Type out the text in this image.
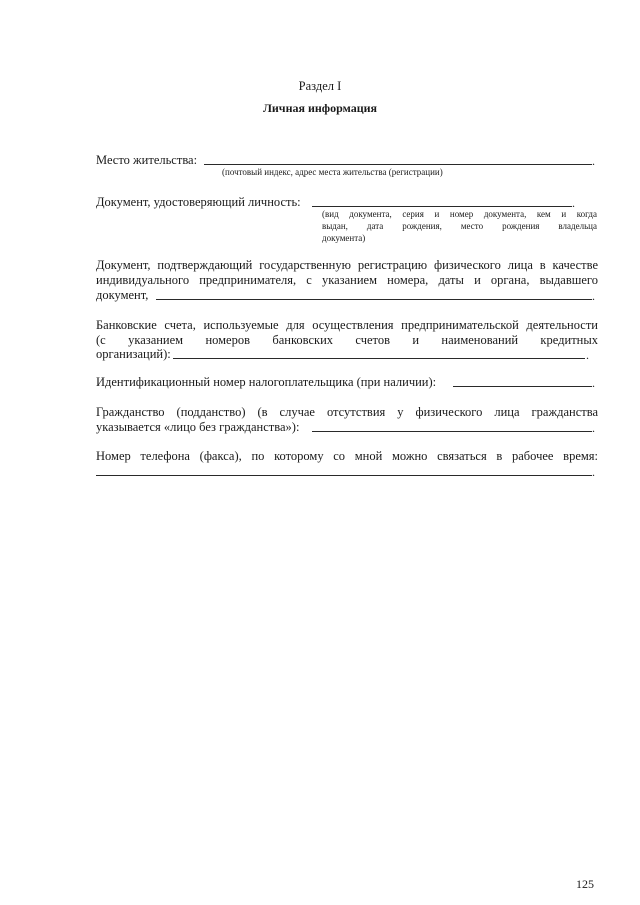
Раздел I
Личная информация
Место жительства:	.
(почтовый индекс, адрес места жительства (регистрации)
Документ, удостоверяющий личность:	.
(вид документа, серия и номер документа, кем и когда
выдан, дата рождения, место рождения владельца
документа)
Документ, подтверждающий государственную регистрацию физического лица в качестве
индивидуального предпринимателя, с указанием номера, даты и органа, выдавшего
документ,	.
Банковские счета, используемые для осуществления предпринимательской деятельности
(с указанием номеров банковских счетов и наименований кредитных
организаций):	.
Идентификационный номер налогоплательщика (при наличии):	.
Гражданство (подданство) (в случае отсутствия у физического лица гражданства
указывается «лицо без гражданства»):	.
Номер телефона (факса), по которому со мной можно связаться в рабочее время:
.
125
